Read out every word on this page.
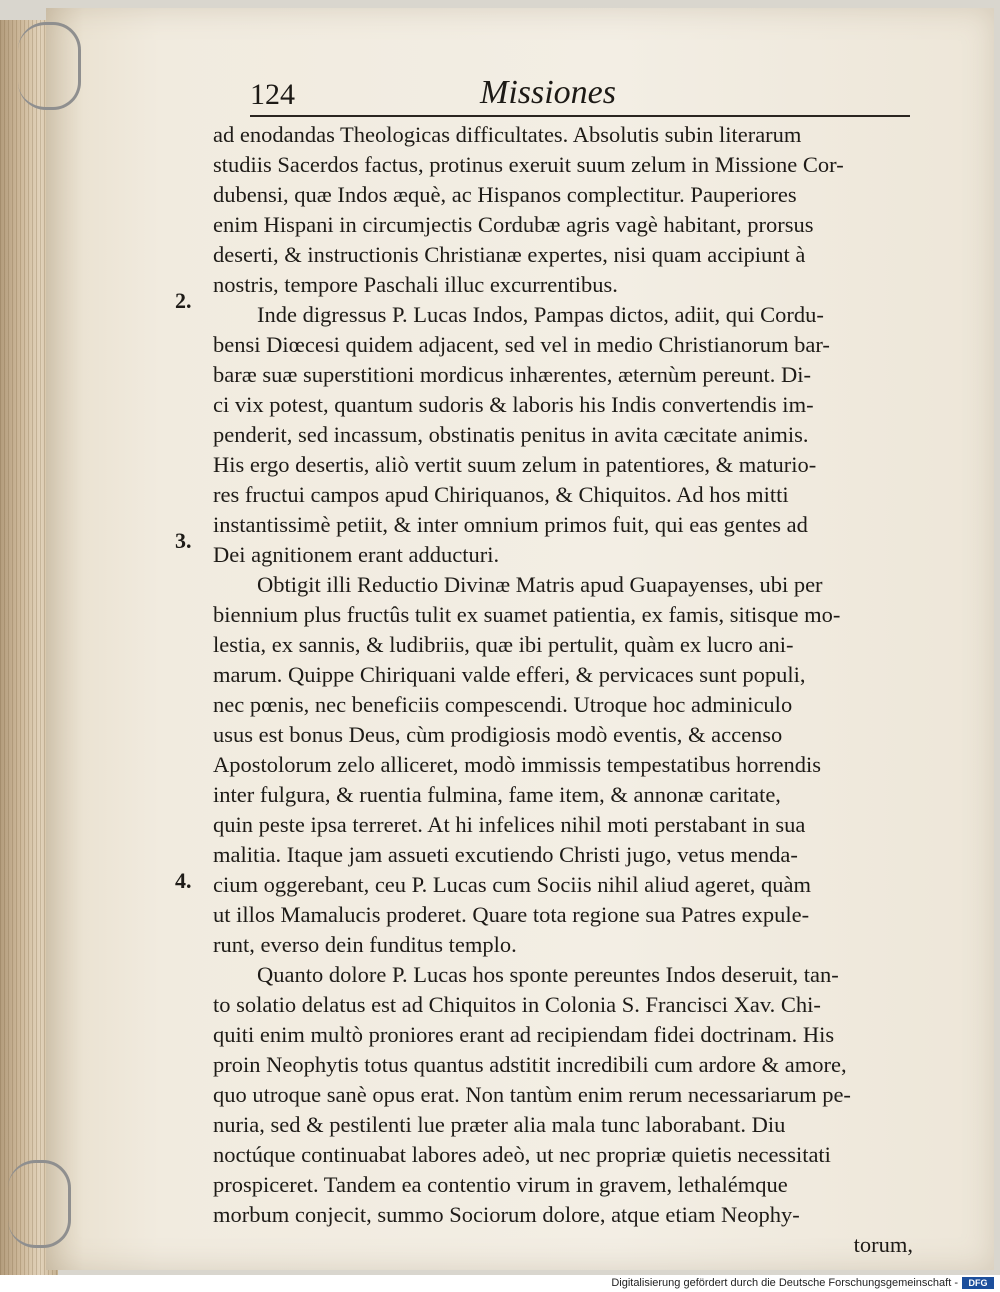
124	Missiones
ad enodandas Theologicas difficultates. Absolutis subin literarum
studiis Sacerdos factus, protinus exeruit suum zelum in Missione Cor-
dubensi, quæ Indos æquè, ac Hispanos complectitur. Pauperiores
enim Hispani in circumjectis Cordubæ agris vagè habitant, prorsus
deserti, & instructionis Christianæ expertes, nisi quam accipiunt à
nostris, tempore Paschali illuc excurrentibus.
Inde digressus P. Lucas Indos, Pampas dictos, adiit, qui Cordu-
bensi Diœcesi quidem adjacent, sed vel in medio Christianorum bar-
baræ suæ superstitioni mordicus inhærentes, æternùm pereunt. Di-
ci vix potest, quantum sudoris & laboris his Indis convertendis im-
penderit, sed incassum, obstinatis penitus in avita cæcitate animis.
His ergo desertis, aliò vertit suum zelum in patentiores, & maturio-
res fructui campos apud Chiriquanos, & Chiquitos. Ad hos mitti
instantissimè petiit, & inter omnium primos fuit, qui eas gentes ad
Dei agnitionem erant adducturi.
Obtigit illi Reductio Divinæ Matris apud Guapayenses, ubi per
biennium plus fructûs tulit ex suamet patientia, ex famis, sitisque mo-
lestia, ex sannis, & ludibriis, quæ ibi pertulit, quàm ex lucro ani-
marum. Quippe Chiriquani valde efferi, & pervicaces sunt populi,
nec pœnis, nec beneficiis compescendi. Utroque hoc adminiculo
usus est bonus Deus, cùm prodigiosis modò eventis, & accenso
Apostolorum zelo alliceret, modò immissis tempestatibus horrendis
inter fulgura, & ruentia fulmina, fame item, & annonæ caritate,
quin peste ipsa terreret. At hi infelices nihil moti perstabant in sua
malitia. Itaque jam assueti excutiendo Christi jugo, vetus menda-
cium oggerebant, ceu P. Lucas cum Sociis nihil aliud ageret, quàm
ut illos Mamalucis proderet. Quare tota regione sua Patres expule-
runt, everso dein funditus templo.
Quanto dolore P. Lucas hos sponte pereuntes Indos deseruit, tan-
to solatio delatus est ad Chiquitos in Colonia S. Francisci Xav. Chi-
quiti enim multò proniores erant ad recipiendam fidei doctrinam. His
proin Neophytis totus quantus adstitit incredibili cum ardore & amore,
quo utroque sanè opus erat. Non tantùm enim rerum necessariarum pe-
nuria, sed & pestilenti lue præter alia mala tunc laborabant. Diu
noctúque continuabat labores adeò, ut nec propriæ quietis necessitati
prospiceret. Tandem ea contentio virum in gravem, lethalémque
morbum conjecit, summo Sociorum dolore, atque etiam Neophy-
torum,
2.
3.
4.
Digitalisierung gefördert durch die Deutsche Forschungsgemeinschaft -	DFG
